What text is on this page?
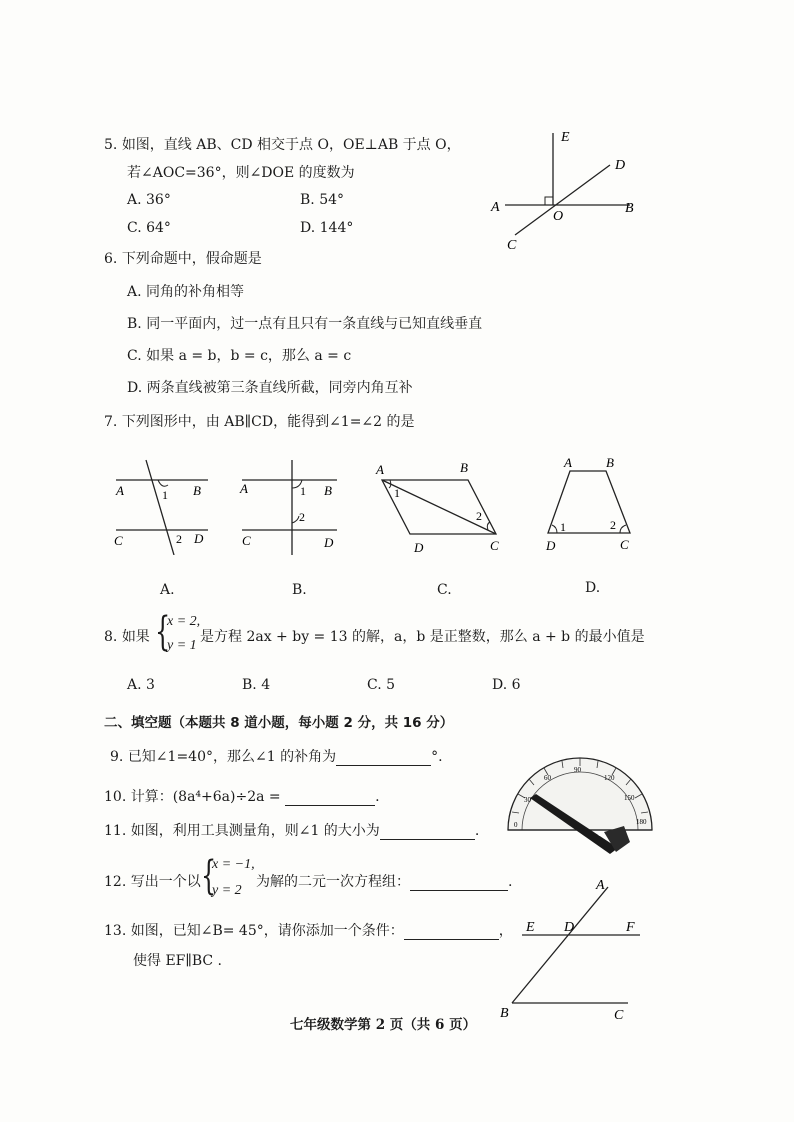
5. 如图，直线 AB、CD 相交于点 O，OE⊥AB 于点 O，
若∠AOC=36°，则∠DOE 的度数为
A. 36°	B. 54°
C. 64°	D. 144°
E
D
A
O
B
C
6. 下列命题中，假命题是
A. 同角的补角相等
B. 同一平面内，过一点有且只有一条直线与已知直线垂直
C. 如果 a = b，b = c，那么 a = c
D. 两条直线被第三条直线所截，同旁内角互补
7. 下列图形中，由 AB∥CD，能得到∠1=∠2 的是
A	B
C	D
1
2
A	B
C	D
1
2
A	B
C
D
1
2
A	B
C
D
1	2
A.	B.	C.	D.
8. 如果 {
x = 2,
y = 1
是方程 2ax + by = 13 的解，a，b 是正整数，那么 a + b 的最小值是
A. 3	B. 4	C. 5	D. 6
二、填空题（本题共 8 道小题，每小题 2 分，共 16 分）
9. 已知∠1=40°，那么∠1 的补角为	°.
10. 计算：(8a⁴+6a)÷2a =	.
0
30
60
90
120
150
180
1
11. 如图，利用工具测量角，则∠1 的大小为	.
12. 写出一个以 {
x = −1,
y = 2
为解的二元一次方程组：	.
13. 如图，已知∠B= 45°，请你添加一个条件：	，
使得 EF∥BC .
A
E D	F
B	C
七年级数学第 2 页（共 6 页）
